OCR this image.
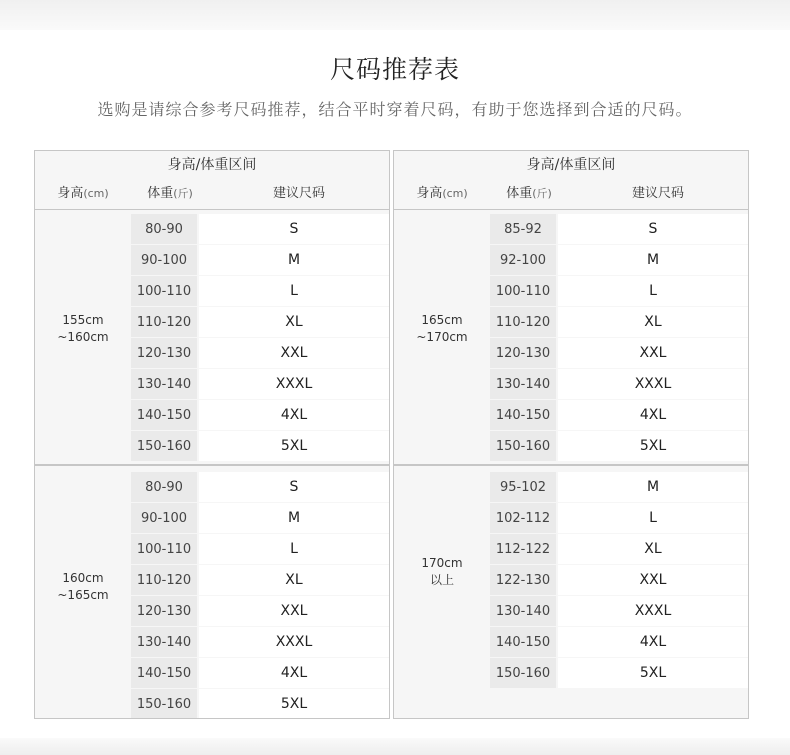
尺码推荐表
选购是请综合参考尺码推荐，结合平时穿着尺码，有助于您选择到合适的尺码。
身高/体重区间
身高(cm)	体重(斤)	建议尺码
155cm
~160cm
80-90	S
90-100	M
100-110	L
110-120	XL
120-130	XXL
130-140	XXXL
140-150	4XL
150-160	5XL
身高/体重区间
身高(cm)	体重(斤)	建议尺码
165cm
~170cm
85-92	S
92-100	M
100-110	L
110-120	XL
120-130	XXL
130-140	XXXL
140-150	4XL
150-160	5XL
160cm
~165cm
80-90	S
90-100	M
100-110	L
110-120	XL
120-130	XXL
130-140	XXXL
140-150	4XL
150-160	5XL
170cm
以上
95-102	M
102-112	L
112-122	XL
122-130	XXL
130-140	XXXL
140-150	4XL
150-160	5XL
